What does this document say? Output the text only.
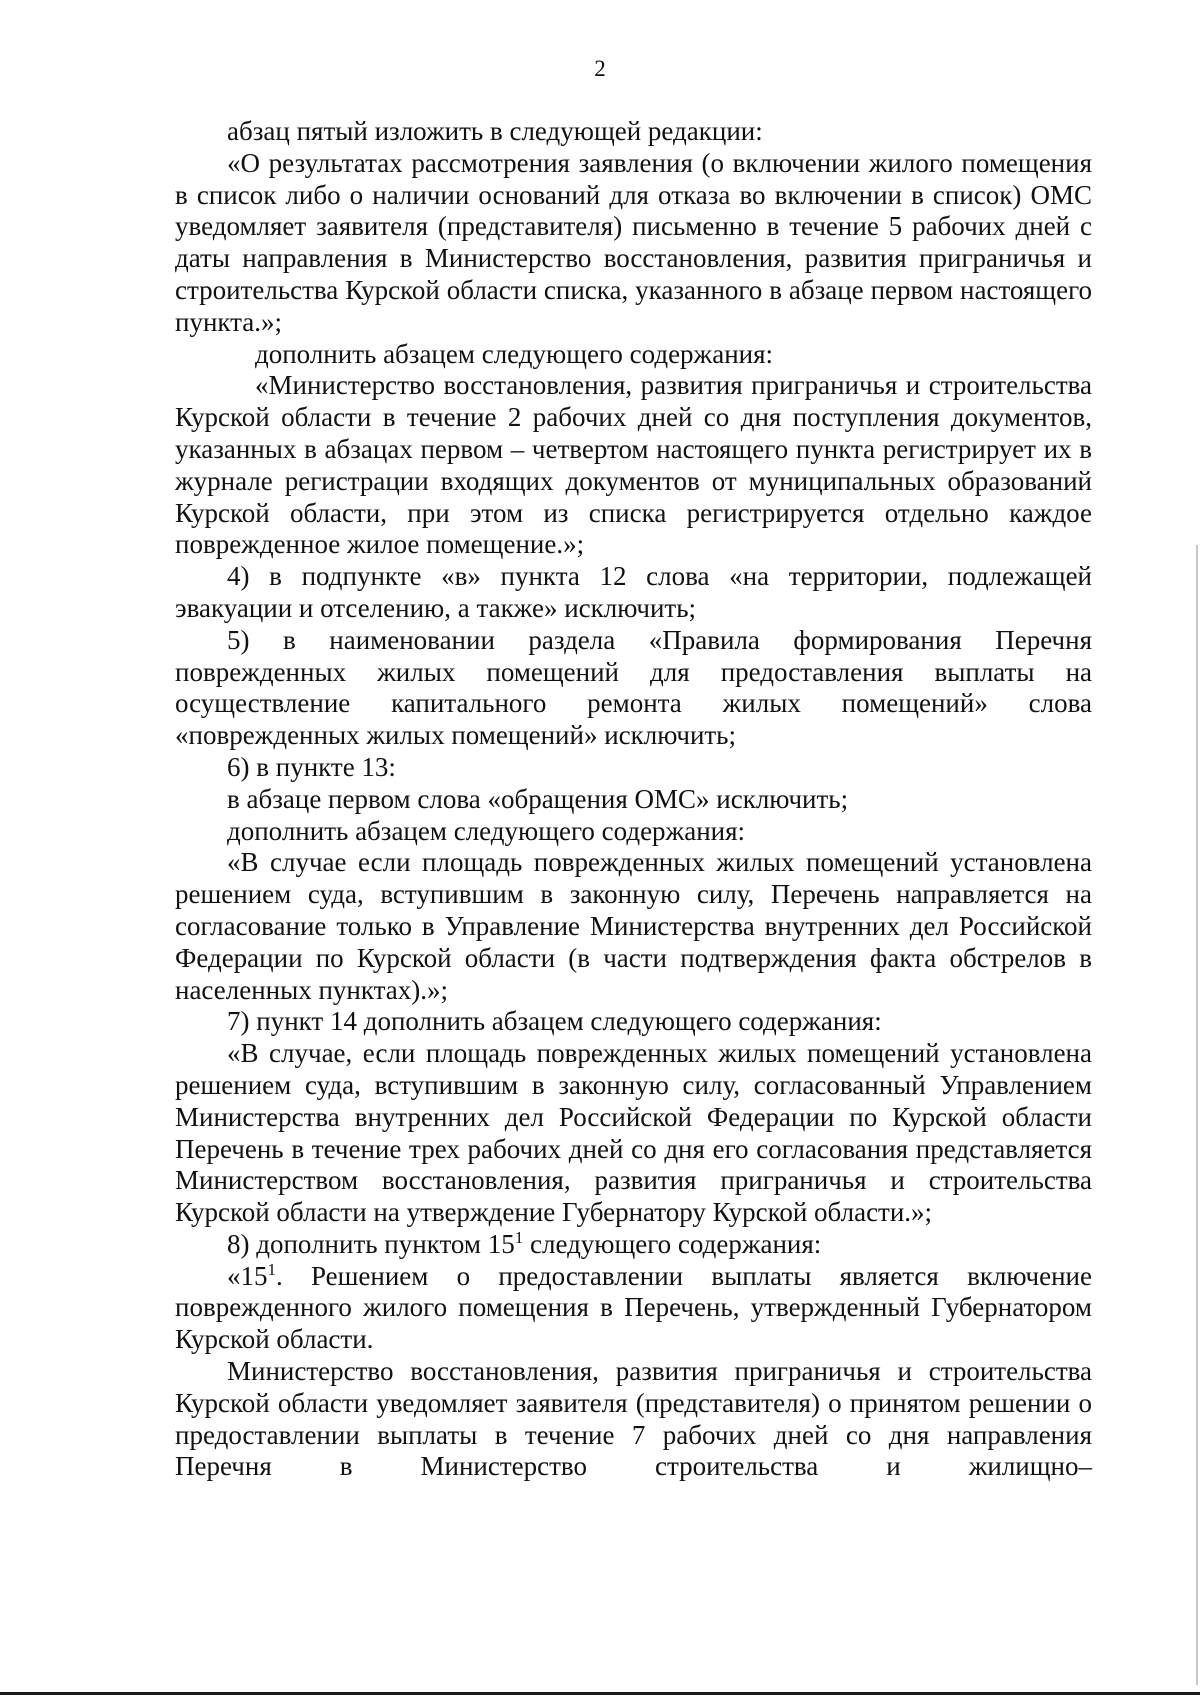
2

абзац пятый изложить в следующей редакции:

«О результатах рассмотрения заявления (о включении жилого помещения в список либо о наличии оснований для отказа во включении в список) ОМС уведомляет заявителя (представителя) письменно в течение 5 рабочих дней с даты направления в Министерство восстановления, развития приграничья и строительства Курской области списка, указанного в абзаце первом настоящего пункта.»;

дополнить абзацем следующего содержания:

«Министерство восстановления, развития приграничья и строительства Курской области в течение 2 рабочих дней со дня поступления документов, указанных в абзацах первом – четвертом настоящего пункта регистрирует их в журнале регистрации входящих документов от муниципальных образований Курской области, при этом из списка регистрируется отдельно каждое поврежденное жилое помещение.»;

4) в подпункте «в» пункта 12 слова «на территории, подлежащей эвакуации и отселению, а также» исключить;

5) в наименовании раздела «Правила формирования Перечня поврежденных жилых помещений для предоставления выплаты на осуществление капитального ремонта жилых помещений» слова «поврежденных жилых помещений» исключить;

6) в пункте 13:

в абзаце первом слова «обращения ОМС» исключить;

дополнить абзацем следующего содержания:

«В случае если площадь поврежденных жилых помещений установлена решением суда, вступившим в законную силу, Перечень направляется на согласование только в Управление Министерства внутренних дел Российской Федерации по Курской области (в части подтверждения факта обстрелов в населенных пунктах).»;

7) пункт 14 дополнить абзацем следующего содержания:

«В случае, если площадь поврежденных жилых помещений установлена решением суда, вступившим в законную силу, согласованный Управлением Министерства внутренних дел Российской Федерации по Курской области Перечень в течение трех рабочих дней со дня его согласования представляется Министерством восстановления, развития приграничья и строительства Курской области на утверждение Губернатору Курской области.»;

8) дополнить пунктом $15^1$ следующего содержания:

«$15^1$. Решением о предоставлении выплаты является включение поврежденного жилого помещения в Перечень, утвержденный Губернатором Курской области.

Министерство восстановления, развития приграничья и строительства Курской области уведомляет заявителя (представителя) о принятом решении о предоставлении выплаты в течение 7 рабочих дней со дня направления Перечня в Министерство строительства и жилищно–
